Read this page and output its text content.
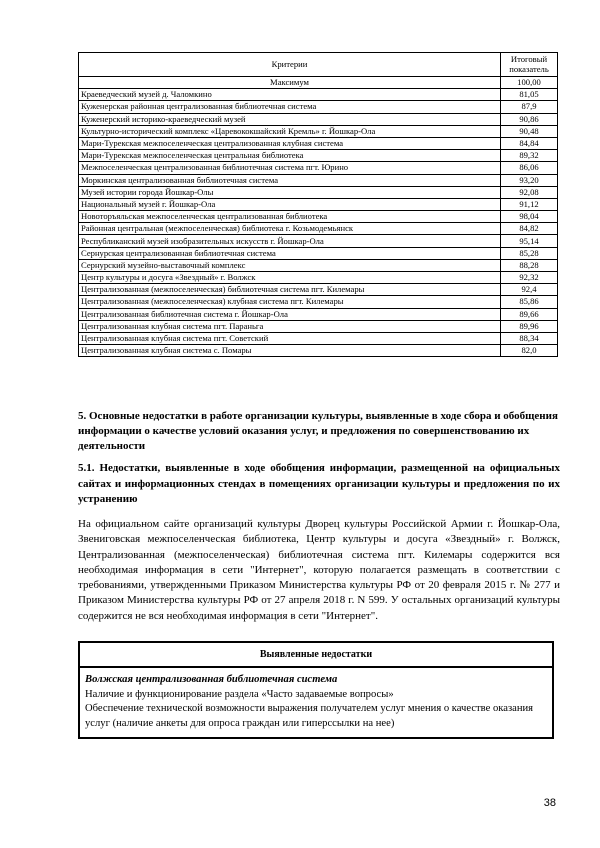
Критерии	Итоговый показатель
Максимум	100,00
Краеведческий музей д. Чаломкино	81,05
Куженерская районная централизованная библиотечная система	87,9
Куженерский историко-краеведческий музей	90,86
Культурно-исторический комплекс «Царевококшайский Кремль» г. Йошкар-Ола	90,48
Мари-Турекская межпоселенческая централизованная клубная система	84,84
Мари-Турекская межпоселенческая центральная библиотека	89,32
Межпоселенческая централизованная библиотечная система пгт. Юрино	86,06
Моркинская централизованная библиотечная система	93,20
Музей истории города Йошкар-Олы	92,08
Национальный музей г. Йошкар-Ола	91,12
Новоторъяльская межпоселенческая централизованная библиотека	98,04
Районная центральная (межпоселенческая) библиотека г. Козьмодемьянск	84,82
Республиканский музей изобразительных искусств г. Йошкар-Ола	95,14
Сернурская централизованная библиотечная система	85,28
Сернурский музейно-выставочный комплекс	88,28
Центр культуры и досуга «Звездный» г. Волжск	92,32
Централизованная (межпоселенческая) библиотечная система пгт. Килемары	92,4
Централизованная (межпоселенческая) клубная система пгт. Килемары	85,86
Централизованная библиотечная система г. Йошкар-Ола	89,66
Централизованная клубная система пгт. Параньга	89,96
Централизованная клубная система пгт. Советский	88,34
Централизованная клубная система с. Помары	82,0
5. Основные недостатки в работе организации культуры, выявленные в ходе сбора и обобщения информации о качестве условий оказания услуг, и предложения по совершенствованию их деятельности
5.1. Недостатки, выявленные в ходе обобщения информации, размещенной на официальных сайтах и информационных стендах в помещениях организации культуры и предложения по их устранению
На официальном сайте организаций культуры Дворец культуры Российской Армии г. Йошкар-Ола, Звениговская межпоселенческая библиотека, Центр культуры и досуга «Звездный» г. Волжск, Централизованная (межпоселенческая) библиотечная система пгт. Килемары содержится вся необходимая информация в сети "Интернет", которую полагается размещать в соответствии с требованиями, утвержденными Приказом Министерства культуры РФ от 20 февраля 2015 г. № 277 и Приказом Министерства культуры РФ от 27 апреля 2018 г. N 599. У остальных организаций культуры содержится не вся необходимая информация в сети "Интернет".
Выявленные недостатки
Волжская централизованная библиотечная система
Наличие и функционирование раздела «Часто задаваемые вопросы»
Обеспечение технической возможности выражения получателем услуг мнения о качестве оказания услуг (наличие анкеты для опроса граждан или гиперссылки на нее)
38
